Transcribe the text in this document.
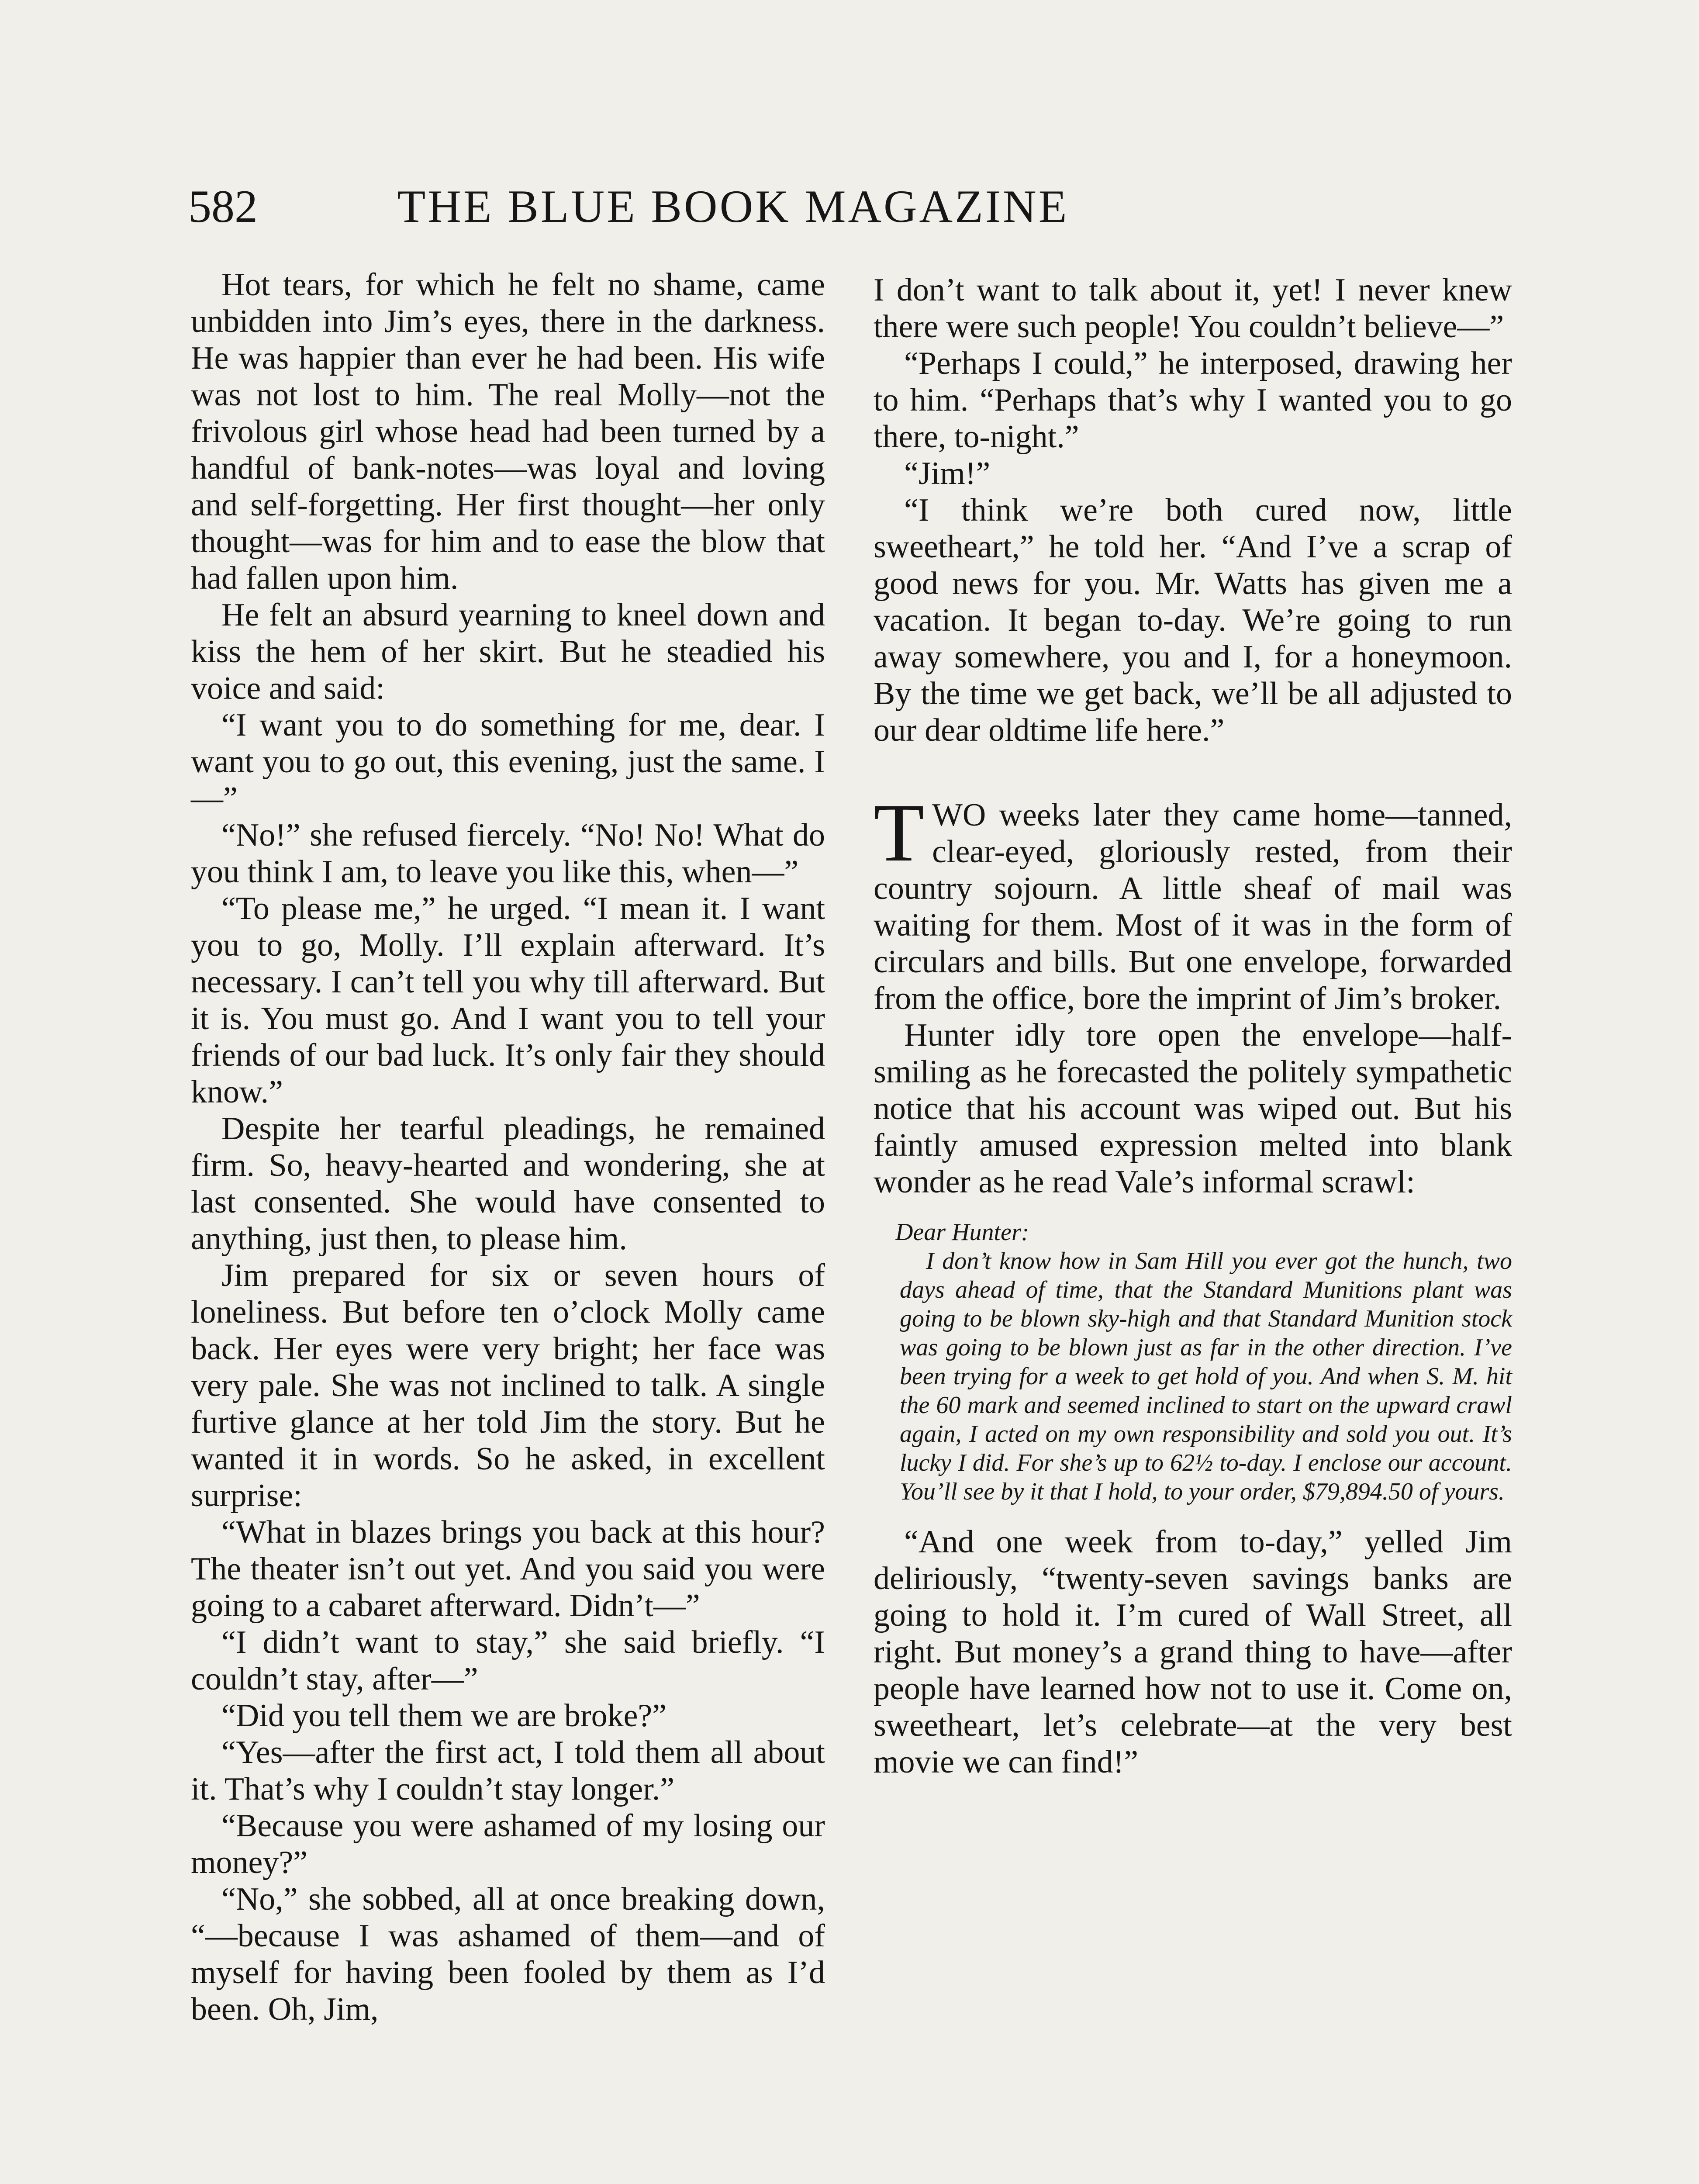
582	THE BLUE BOOK MAGAZINE

Hot tears, for which he felt no shame, came unbidden into Jim’s eyes, there in the darkness. He was happier than ever he had been. His wife was not lost to him. The real Molly—not the frivolous girl whose head had been turned by a handful of bank-notes—was loyal and loving and self-forgetting. Her first thought—her only thought—was for him and to ease the blow that had fallen upon him.

He felt an absurd yearning to kneel down and kiss the hem of her skirt. But he steadied his voice and said:

“I want you to do something for me, dear. I want you to go out, this evening, just the same. I—”

“No!” she refused fiercely. “No! No! What do you think I am, to leave you like this, when—”

“To please me,” he urged. “I mean it. I want you to go, Molly. I’ll explain afterward. It’s necessary. I can’t tell you why till afterward. But it is. You must go. And I want you to tell your friends of our bad luck. It’s only fair they should know.”

Despite her tearful pleadings, he remained firm. So, heavy-hearted and wondering, she at last consented. She would have consented to anything, just then, to please him.

Jim prepared for six or seven hours of loneliness. But before ten o’clock Molly came back. Her eyes were very bright; her face was very pale. She was not inclined to talk. A single furtive glance at her told Jim the story. But he wanted it in words. So he asked, in excellent surprise:

“What in blazes brings you back at this hour? The theater isn’t out yet. And you said you were going to a cabaret afterward. Didn’t—”

“I didn’t want to stay,” she said briefly. “I couldn’t stay, after—”

“Did you tell them we are broke?”

“Yes—after the first act, I told them all about it. That’s why I couldn’t stay longer.”

“Because you were ashamed of my losing our money?”

“No,” she sobbed, all at once breaking down, “—because I was ashamed of them—and of myself for having been fooled by them as I’d been. Oh, Jim,

I don’t want to talk about it, yet! I never knew there were such people! You couldn’t believe—”

“Perhaps I could,” he interposed, drawing her to him. “Perhaps that’s why I wanted you to go there, to-night.”

“Jim!”

“I think we’re both cured now, little sweetheart,” he told her. “And I’ve a scrap of good news for you. Mr. Watts has given me a vacation. It began to-day. We’re going to run away somewhere, you and I, for a honeymoon. By the time we get back, we’ll be all adjusted to our dear oldtime life here.”

TWO weeks later they came home—tanned, clear-eyed, gloriously rested, from their country sojourn. A little sheaf of mail was waiting for them. Most of it was in the form of circulars and bills. But one envelope, forwarded from the office, bore the imprint of Jim’s broker.

Hunter idly tore open the envelope—half-smiling as he forecasted the politely sympathetic notice that his account was wiped out. But his faintly amused expression melted into blank wonder as he read Vale’s informal scrawl:

Dear Hunter:
I don’t know how in Sam Hill you ever got the hunch, two days ahead of time, that the Standard Munitions plant was going to be blown sky-high and that Standard Munition stock was going to be blown just as far in the other direction. I’ve been trying for a week to get hold of you. And when S. M. hit the 60 mark and seemed inclined to start on the upward crawl again, I acted on my own responsibility and sold you out. It’s lucky I did. For she’s up to 62½ to-day. I enclose our account. You’ll see by it that I hold, to your order, $79,894.50 of yours.

“And one week from to-day,” yelled Jim deliriously, “twenty-seven savings banks are going to hold it. I’m cured of Wall Street, all right. But money’s a grand thing to have—after people have learned how not to use it. Come on, sweetheart, let’s celebrate—at the very best movie we can find!”
